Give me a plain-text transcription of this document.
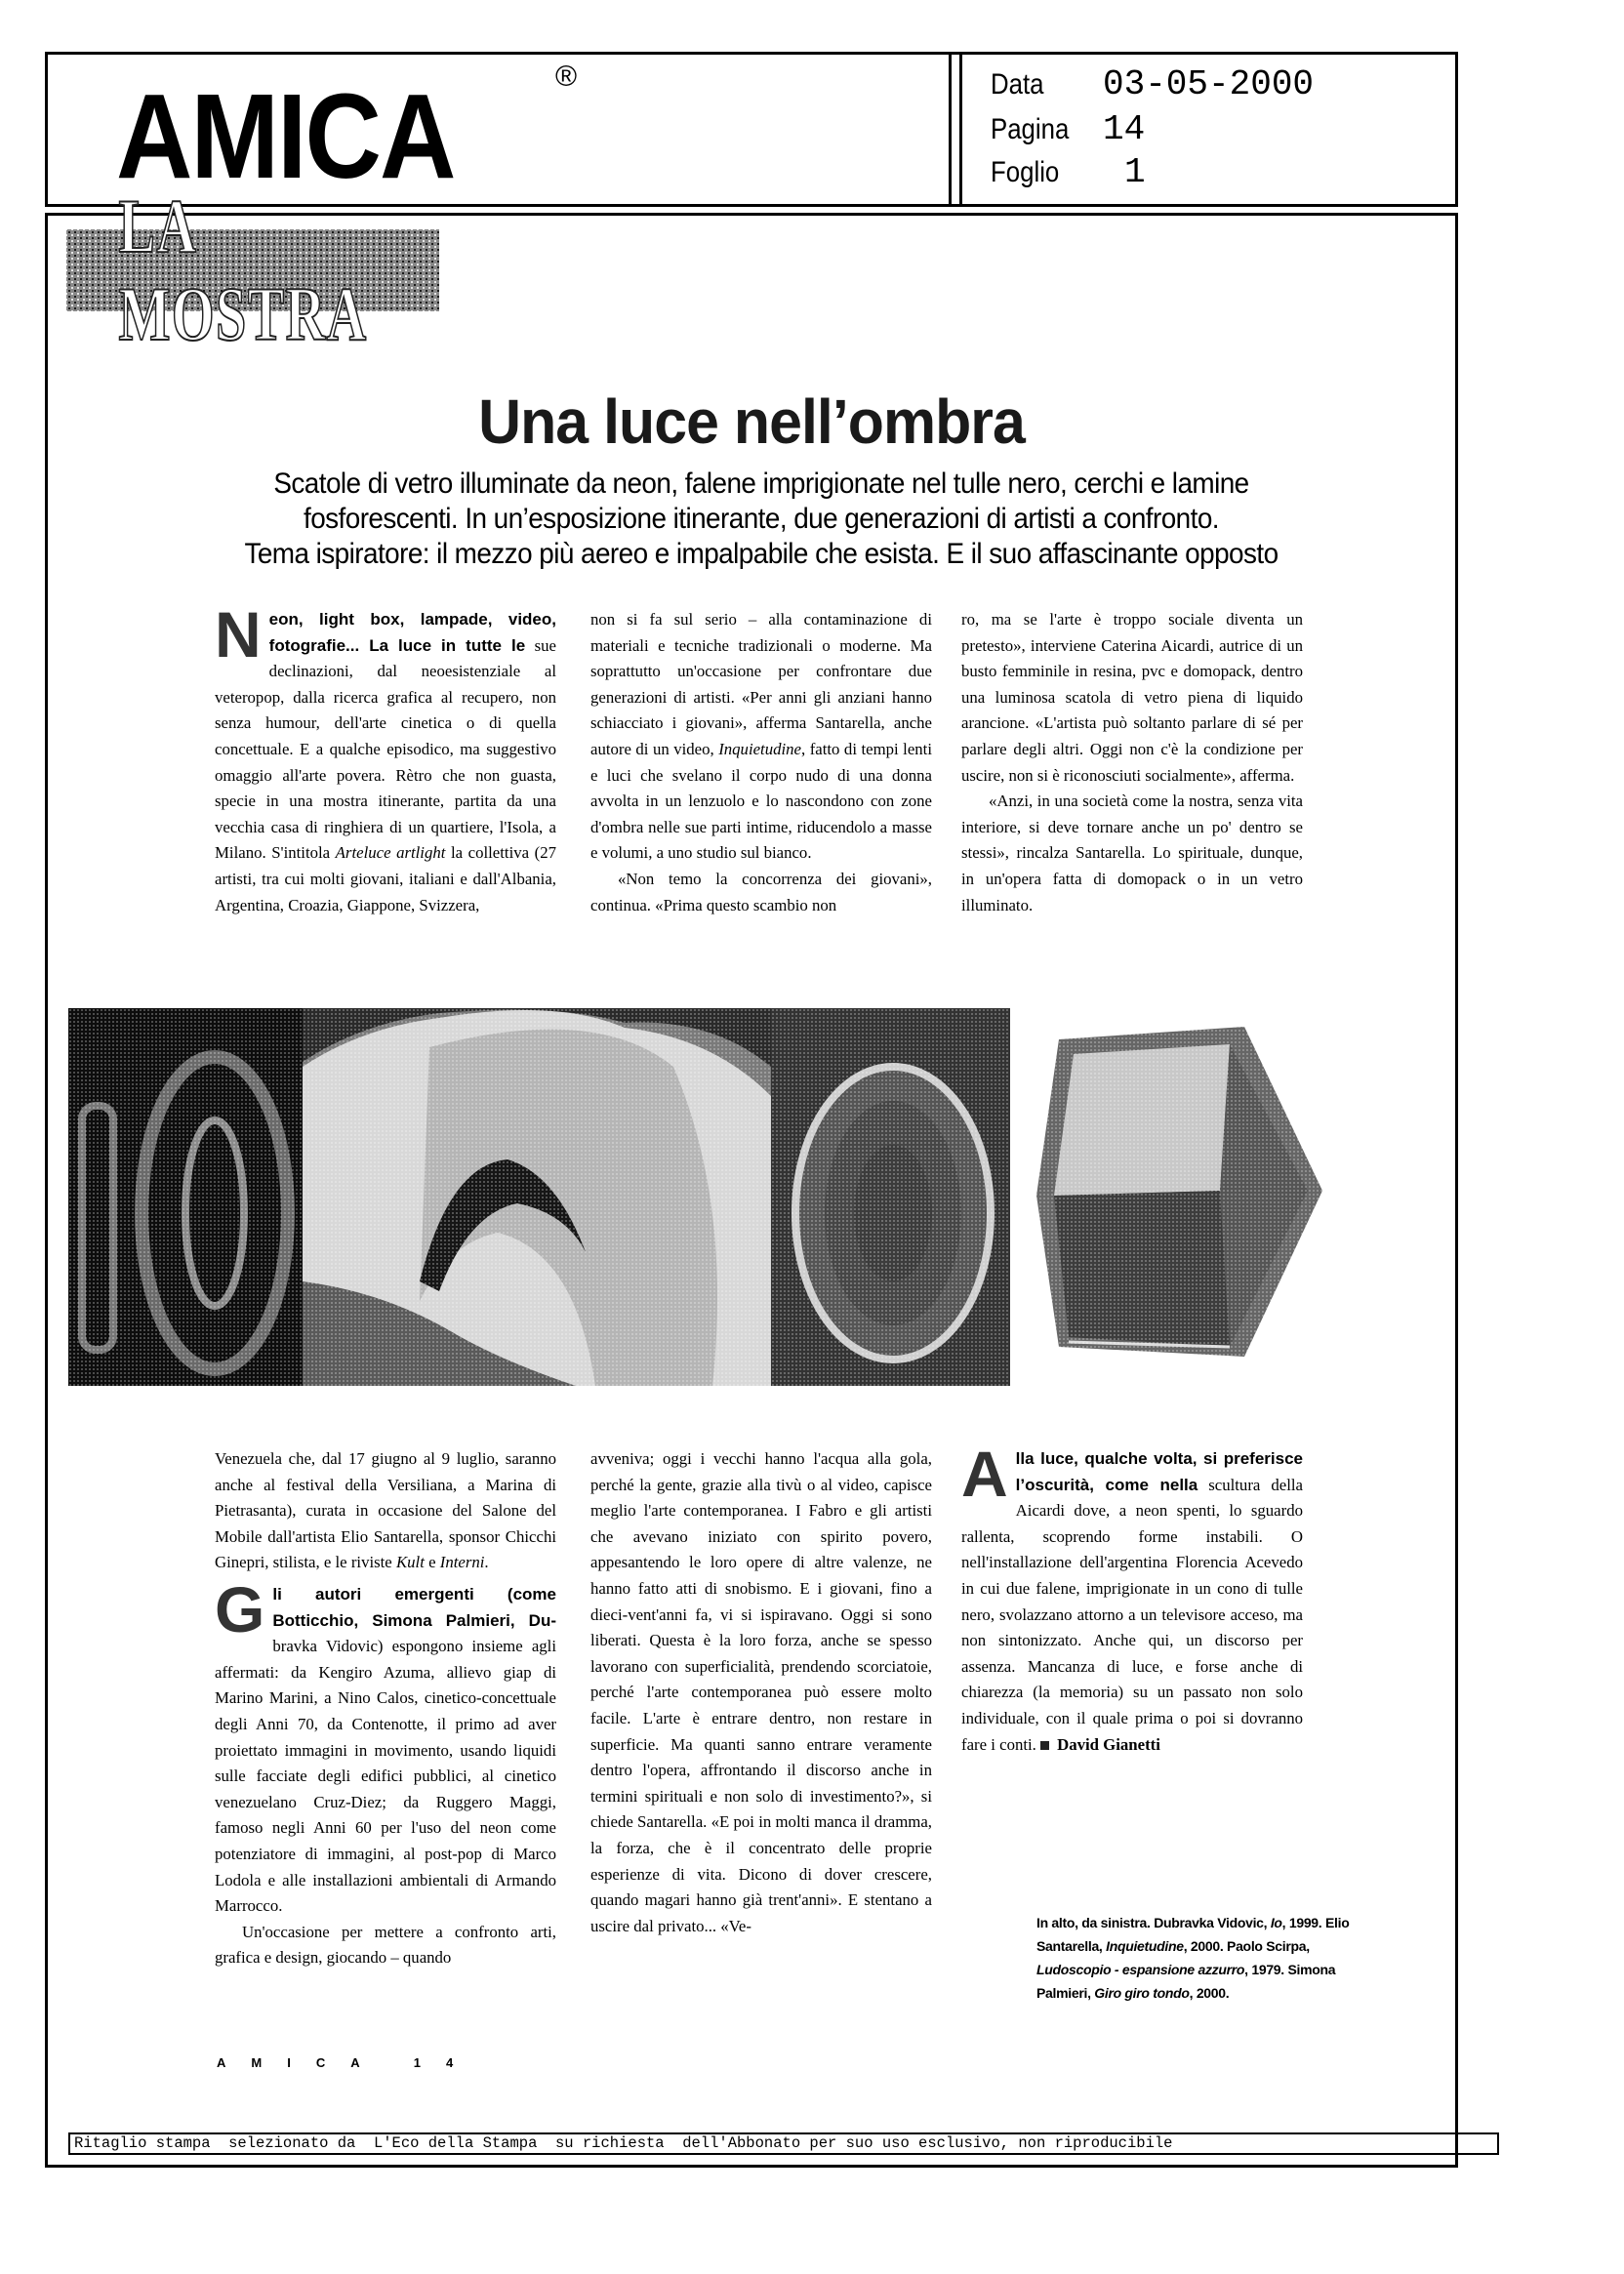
AMICA	®	Data 03-05-2000
Pagina 14
Foglio 1
LA MOSTRA
Una luce nell’ombra
Scatole di vetro illuminate da neon, falene imprigionate nel tulle nero, cerchi e lamine
fosforescenti. In un’esposizione itinerante, due generazioni di artisti a confronto.
Tema ispiratore: il mezzo più aereo e impalpabile che esista. E il suo affascinante opposto

N eon, light box, lampade, video, fotografie... La luce in tutte le sue declinazioni, dal neoesistenziale al veteropop, dalla ricerca grafica al recupero, non senza humour, dell'arte cinetica o di quella concettuale. E a qualche episodico, ma suggestivo omaggio all'arte povera. Rètro che non guasta, specie in una mostra itinerante, partita da una vecchia casa di ringhiera di un quartiere, l'Isola, a Milano. S'intitola Arteluce artlight la collettiva (27 artisti, tra cui molti giovani, italiani e dall'Albania, Argentina, Croazia, Giappone, Svizzera,

non si fa sul serio – alla contaminazione di materiali e tecniche tradizionali o moderne. Ma soprattutto un'occasione per confrontare due generazioni di artisti. «Per anni gli anziani hanno schiacciato i giovani», afferma Santarella, anche autore di un video, Inquietudine, fatto di tempi lenti e luci che svelano il corpo nudo di una donna avvolta in un lenzuolo e lo nascondono con zone d'ombra nelle sue parti intime, riducendolo a masse e volumi, a uno studio sul bianco.

«Non temo la concorrenza dei giovani», continua. «Prima questo scambio non

ro, ma se l'arte è troppo sociale diventa un pretesto», interviene Caterina Aicardi, autrice di un busto femminile in resina, pvc e domopack, dentro una luminosa scatola di vetro piena di liquido arancione. «L'artista può soltanto parlare di sé per parlare degli altri. Oggi non c'è la condizione per uscire, non si è riconosciuti socialmente», afferma.

«Anzi, in una società come la nostra, senza vita interiore, si deve tornare anche un po' dentro se stessi», rincalza Santarella. Lo spirituale, dunque, in un'opera fatta di domopack o in un vetro illuminato.

Venezuela che, dal 17 giugno al 9 luglio, saranno anche al festival della Versiliana, a Marina di Pietrasanta), curata in occasione del Salone del Mobile dall'artista Elio Santarella, sponsor Chicchi Ginepri, stilista, e le riviste Kult e Interni.

G li autori emergenti (come Botticchio, Simona Palmieri, Du- bravka Vidovic) espongono insieme agli affermati: da Kengiro Azuma, allievo giap di Marino Marini, a Nino Calos, cinetico-concettuale degli Anni 70, da Contenotte, il primo ad aver proiettato immagini in movimento, usando liquidi sulle facciate degli edifici pubblici, al cinetico venezuelano Cruz-Diez; da Ruggero Maggi, famoso negli Anni 60 per l'uso del neon come potenziatore di immagini, al post-pop di Marco Lodola e alle installazioni ambientali di Armando Marrocco.

Un'occasione per mettere a confronto arti, grafica e design, giocando – quando

avveniva; oggi i vecchi hanno l'acqua alla gola, perché la gente, grazie alla tivù o al video, capisce meglio l'arte contemporanea. I Fabro e gli artisti che avevano iniziato con spirito povero, appesantendo le loro opere di altre valenze, ne hanno fatto atti di snobismo. E i giovani, fino a dieci-vent'anni fa, vi si ispiravano. Oggi si sono liberati. Questa è la loro forza, anche se spesso lavorano con superficialità, prendendo scorciatoie, perché l'arte contemporanea può essere molto facile. L'arte è entrare dentro, non restare in superficie. Ma quanti sanno entrare veramente dentro l'opera, affrontando il discorso anche in termini spirituali e non solo di investimento?», si chiede Santarella. «E poi in molti manca il dramma, la forza, che è il concentrato delle proprie esperienze di vita. Dicono di dover crescere, quando magari hanno già trent'anni». E stentano a uscire dal privato... «Ve-

A lla luce, qualche volta, si preferisce l’oscurità, come nella scultura della Aicardi dove, a neon spenti, lo sguardo rallenta, scoprendo forme instabili. O nell'installazione dell'argentina Florencia Acevedo in cui due falene, imprigionate in un cono di tulle nero, svolazzano attorno a un televisore acceso, ma non sintonizzato. Anche qui, un discorso per assenza. Mancanza di luce, e forse anche di chiarezza (la memoria) su un passato non solo individuale, con il quale prima o poi si dovranno fare i conti. David Gianetti

In alto, da sinistra. Dubravka Vidovic, Io, 1999. Elio Santarella, Inquietudine, 2000. Paolo Scirpa, Ludoscopio - espansione azzurro, 1979. Simona Palmieri, Giro giro tondo, 2000.
AMICA 14
Ritaglio stampa  selezionato da  L'Eco della Stampa  su richiesta  dell'Abbonato per suo uso esclusivo, non riproducibile
